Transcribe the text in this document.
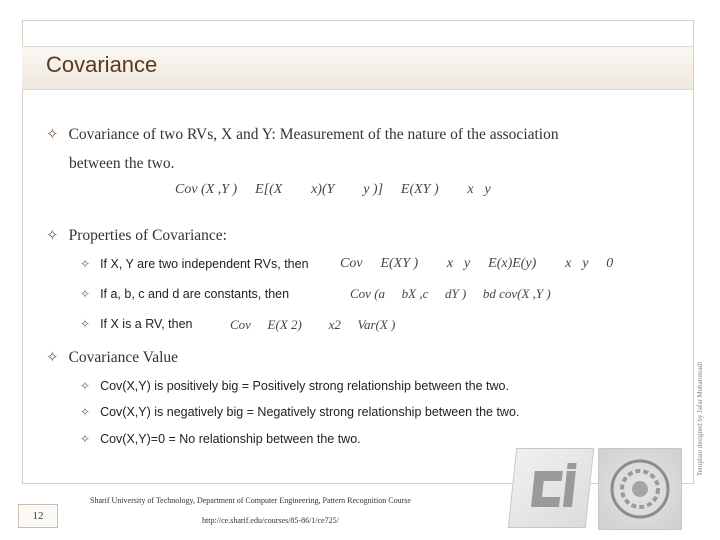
Covariance
✧ Covariance of two RVs, X and Y: Measurement of the nature of the association
between the two.
Cov (X ,Y )   E[(X    x)(Y    y )]   E(XY )    x y
✧ Properties of Covariance:
✧ If X, Y are two independent RVs, then Cov   E(XY )    x y   E(x)E(y)    x y   0
✧ If a, b, c and d are constants, then	Cov (a   bX ,c   dY )   bd cov(X ,Y )
✧ If X is a RV, then	Cov   E(X 2)    x2   Var(X )
✧ Covariance Value
✧ Cov(X,Y) is positively big = Positively strong relationship between the two.
✧ Cov(X,Y) is negatively big = Negatively strong relationship between the two.
✧ Cov(X,Y)=0 = No relationship between the two.	Template designed by Jafar Mohammadi
Sharif University of Technology, Department of Computer Engineering, Pattern Recognition Course
http://ce.sharif.edu/courses/85-86/1/ce725/
12
